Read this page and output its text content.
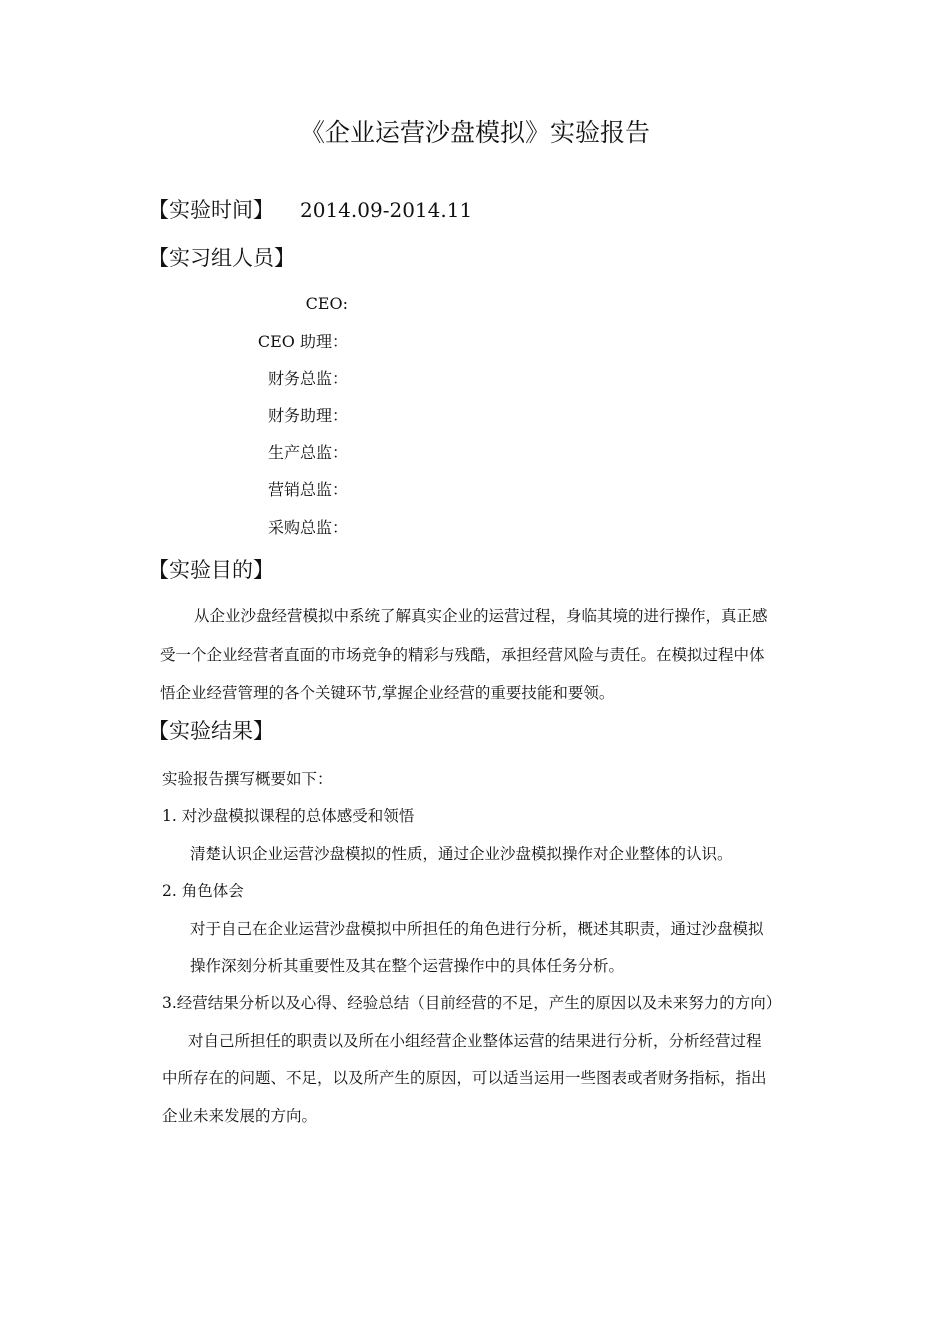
《企业运营沙盘模拟》实验报告
【实验时间】 2014.09-2014.11
【实习组人员】
CEO:
CEO 助理：
财务总监：
财务助理：
生产总监：
营销总监：
采购总监：
【实验目的】
从企业沙盘经营模拟中系统了解真实企业的运营过程，身临其境的进行操作，真正感
受一个企业经营者直面的市场竞争的精彩与残酷，承担经营风险与责任。在模拟过程中体
悟企业经营管理的各个关键环节,掌握企业经营的重要技能和要领。
【实验结果】
实验报告撰写概要如下：
1. 对沙盘模拟课程的总体感受和领悟
清楚认识企业运营沙盘模拟的性质，通过企业沙盘模拟操作对企业整体的认识。
2. 角色体会
对于自己在企业运营沙盘模拟中所担任的角色进行分析，概述其职责，通过沙盘模拟
操作深刻分析其重要性及其在整个运营操作中的具体任务分析。
3.经营结果分析以及心得、经验总结（目前经营的不足，产生的原因以及未来努力的方向）
对自己所担任的职责以及所在小组经营企业整体运营的结果进行分析，分析经营过程
中所存在的问题、不足，以及所产生的原因，可以适当运用一些图表或者财务指标，指出
企业未来发展的方向。
